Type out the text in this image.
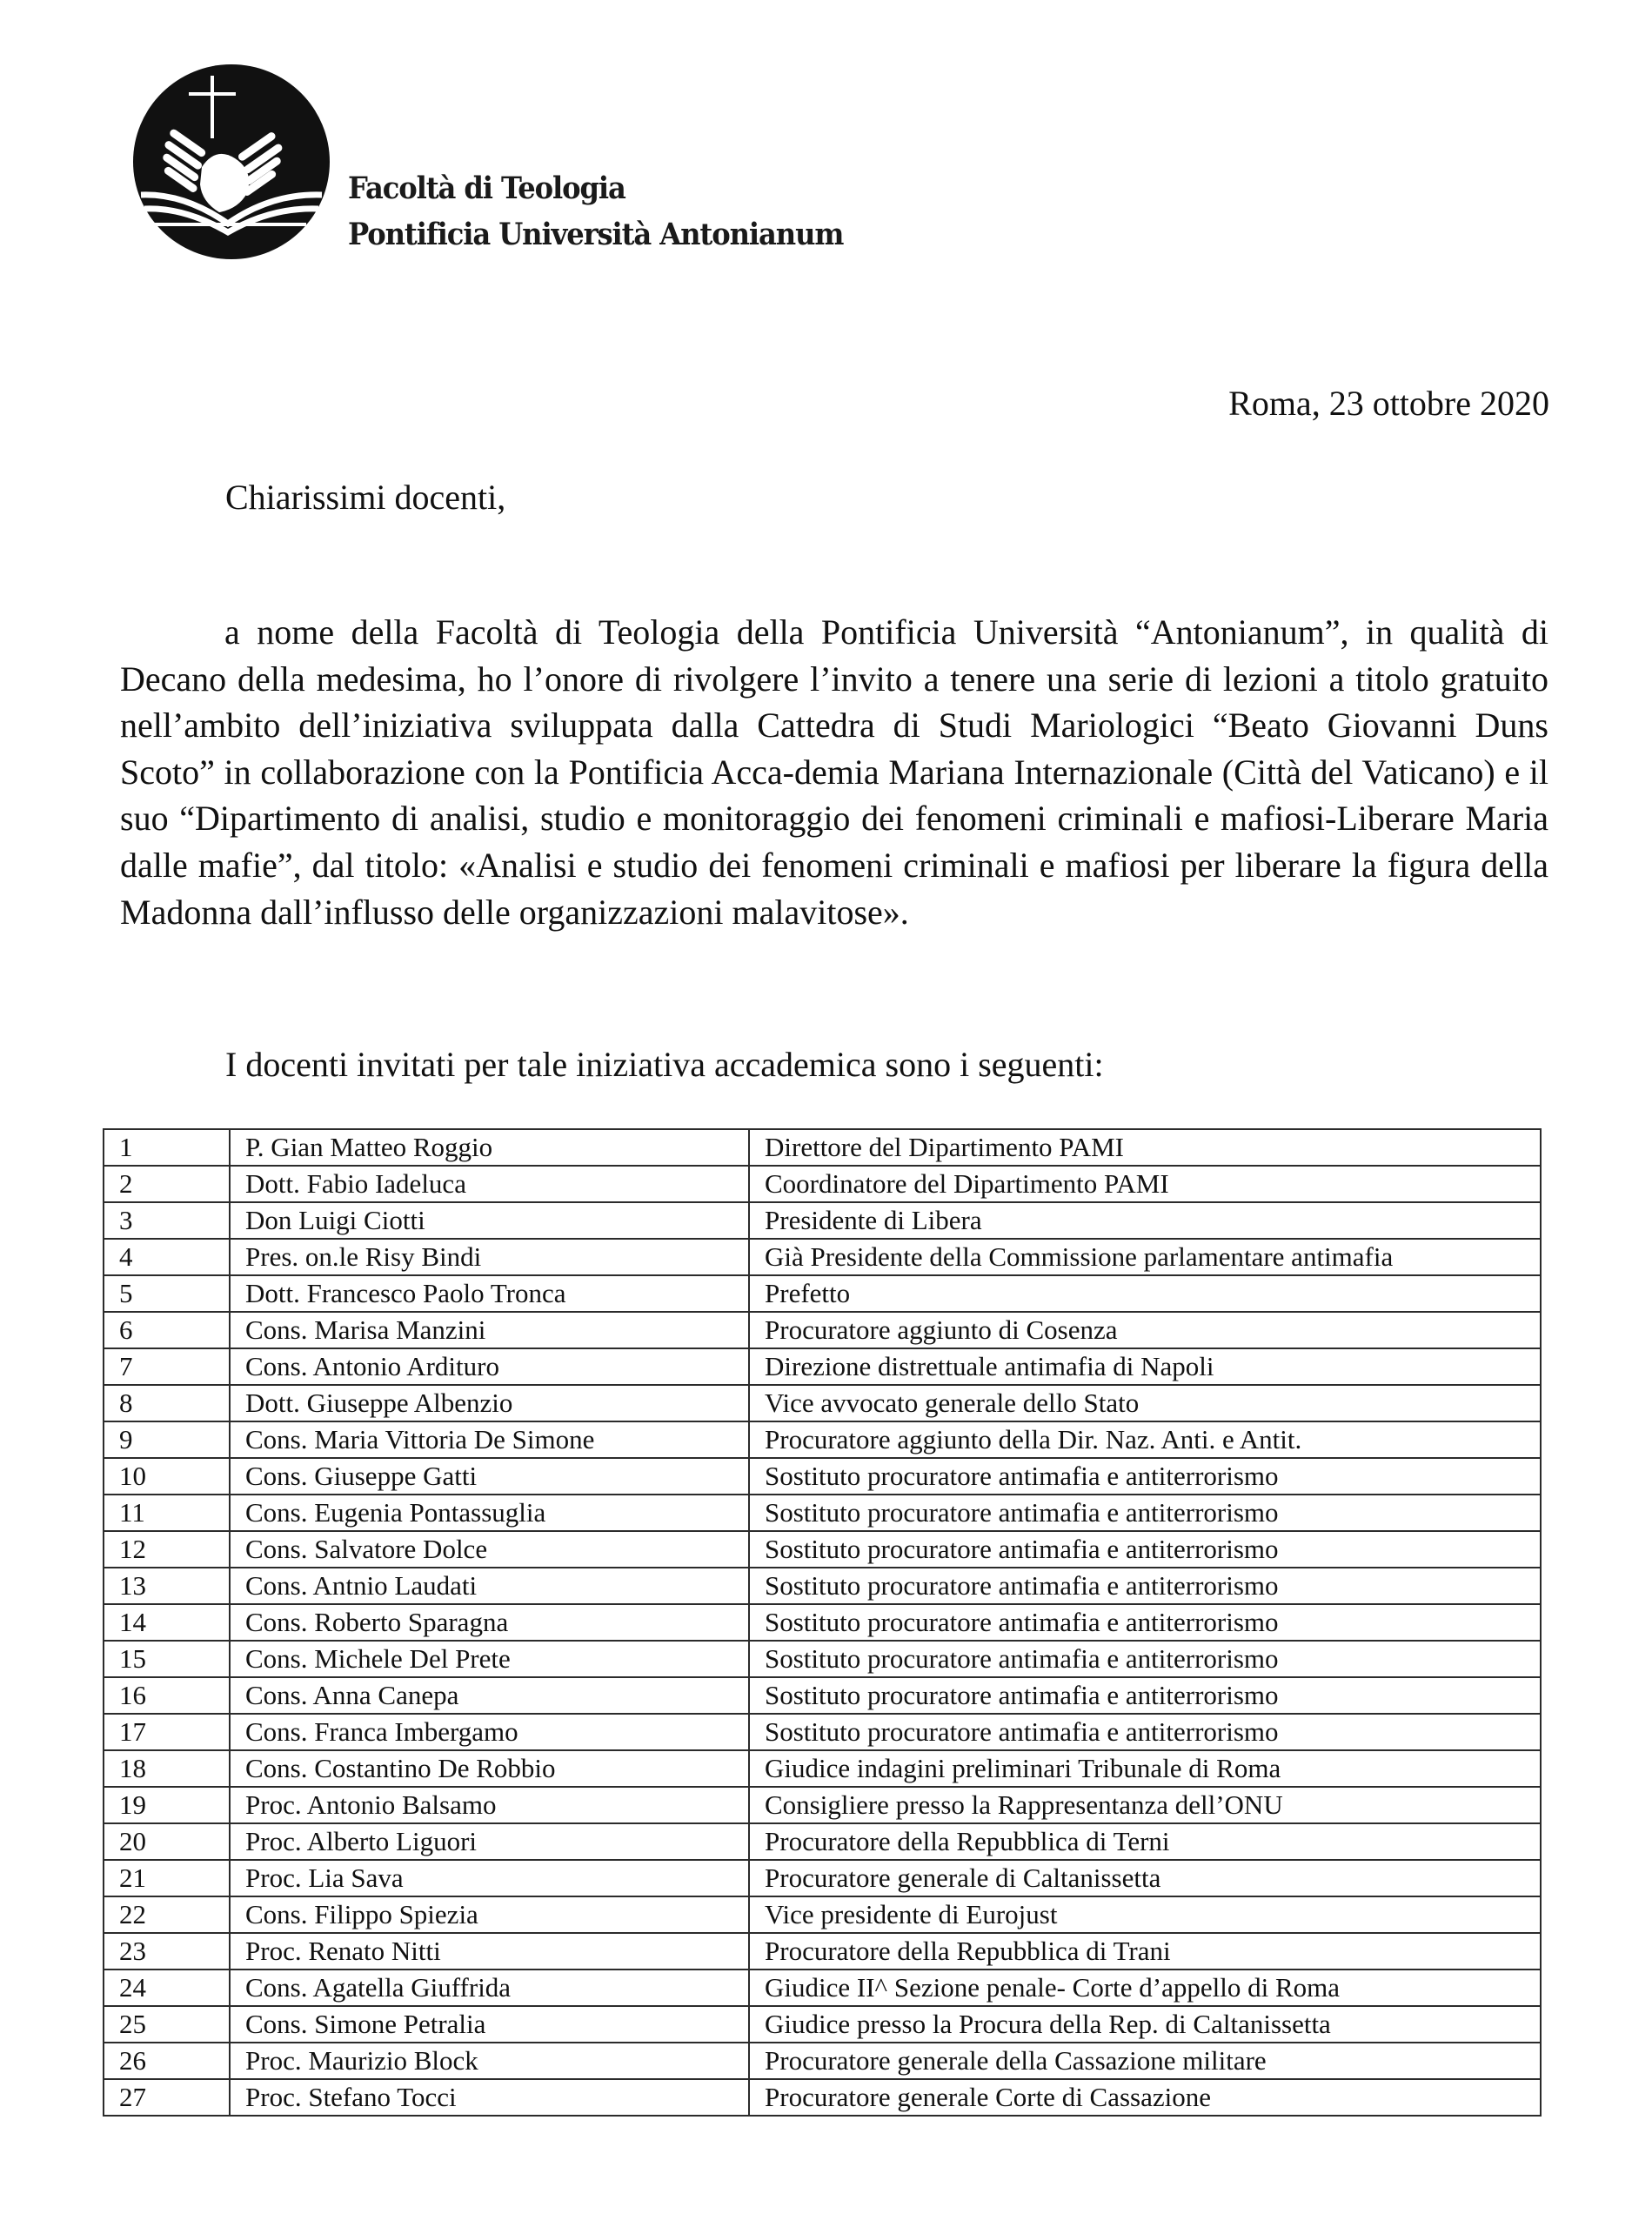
Facoltà di Teologia
Pontificia Università Antonianum
Roma, 23 ottobre 2020
Chiarissimi docenti,

a nome della Facoltà di Teologia della Pontificia Università “Antonianum”, in qualità di Decano della medesima, ho l’onore di rivolgere l’invito a tenere una serie di lezioni a titolo gratuito nell’ambito dell’iniziativa sviluppata dalla Cattedra di Studi Mariologici “Beato Giovanni Duns Scoto” in collaborazione con la Pontificia Acca-demia Mariana Internazionale (Città del Vaticano) e il suo “Dipartimento di analisi, studio e monitoraggio dei fenomeni criminali e mafiosi-Liberare Maria dalle mafie”, dal titolo: «Analisi e studio dei fenomeni criminali e mafiosi per liberare la figura della Madonna dall’influsso delle organizzazioni malavitose».

I docenti invitati per tale iniziativa accademica sono i seguenti:
1	P. Gian Matteo Roggio	Direttore del Dipartimento PAMI
2	Dott. Fabio Iadeluca	Coordinatore del Dipartimento PAMI
3	Don Luigi Ciotti	Presidente di Libera
4	Pres. on.le Risy Bindi	Già Presidente della Commissione parlamentare antimafia
5	Dott. Francesco Paolo Tronca	Prefetto
6	Cons. Marisa Manzini	Procuratore aggiunto di Cosenza
7	Cons. Antonio Ardituro	Direzione distrettuale antimafia di Napoli
8	Dott. Giuseppe Albenzio	Vice avvocato generale dello Stato
9	Cons. Maria Vittoria De Simone	Procuratore aggiunto della Dir. Naz. Anti. e Antit.
10	Cons. Giuseppe Gatti	Sostituto procuratore antimafia e antiterrorismo
11	Cons. Eugenia Pontassuglia	Sostituto procuratore antimafia e antiterrorismo
12	Cons. Salvatore Dolce	Sostituto procuratore antimafia e antiterrorismo
13	Cons. Antnio Laudati	Sostituto procuratore antimafia e antiterrorismo
14	Cons. Roberto Sparagna	Sostituto procuratore antimafia e antiterrorismo
15	Cons. Michele Del Prete	Sostituto procuratore antimafia e antiterrorismo
16	Cons. Anna Canepa	Sostituto procuratore antimafia e antiterrorismo
17	Cons. Franca Imbergamo	Sostituto procuratore antimafia e antiterrorismo
18	Cons. Costantino De Robbio	Giudice indagini preliminari Tribunale di Roma
19	Proc. Antonio Balsamo	Consigliere presso la Rappresentanza dell’ONU
20	Proc. Alberto Liguori	Procuratore della Repubblica di Terni
21	Proc. Lia Sava	Procuratore generale di Caltanissetta
22	Cons. Filippo Spiezia	Vice presidente di Eurojust
23	Proc. Renato Nitti	Procuratore della Repubblica di Trani
24	Cons. Agatella Giuffrida	Giudice II^ Sezione penale- Corte d’appello di Roma
25	Cons. Simone Petralia	Giudice presso la Procura della Rep. di Caltanissetta
26	Proc. Maurizio Block	Procuratore generale della Cassazione militare
27	Proc. Stefano Tocci	Procuratore generale Corte di Cassazione
